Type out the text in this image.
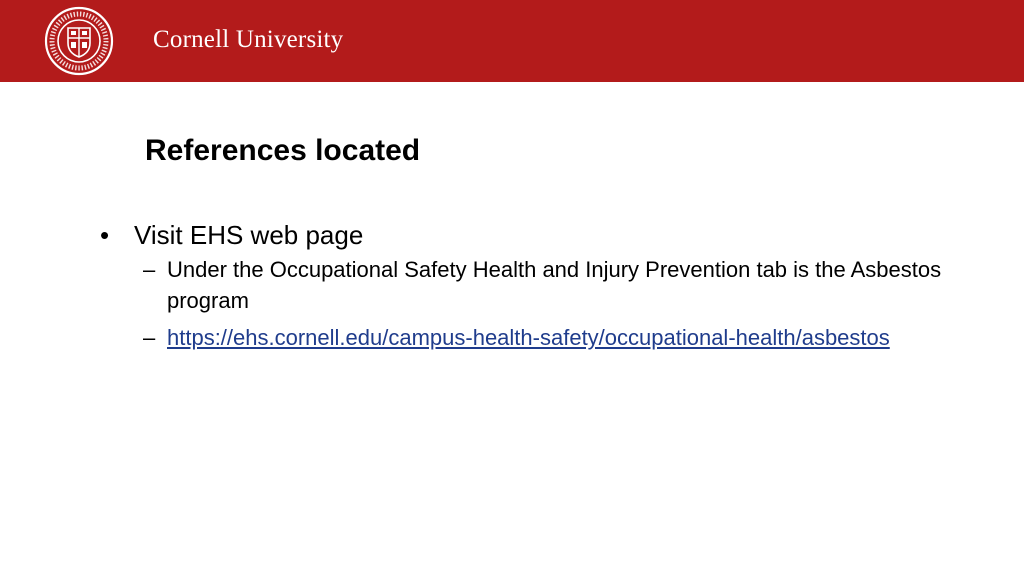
Cornell University
References located
• Visit EHS web page
– Under the Occupational Safety Health and Injury Prevention tab is the Asbestos program
– https://ehs.cornell.edu/campus-health-safety/occupational-health/asbestos
